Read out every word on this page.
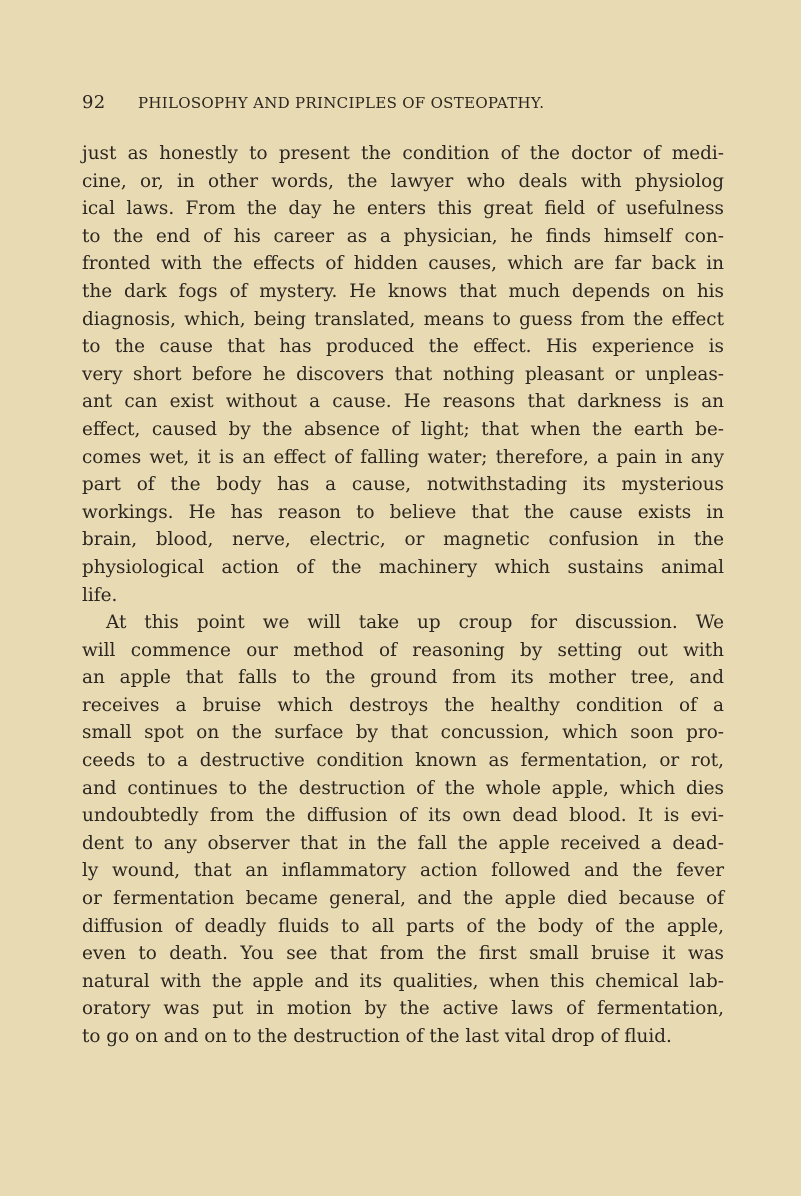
92 PHILOSOPHY AND PRINCIPLES OF OSTEOPATHY.
just as honestly to present the condition of the doctor of medi-
cine, or, in other words, the lawyer who deals with physiolog
ical laws. From the day he enters this great field of usefulness
to the end of his career as a physician, he finds himself con-
fronted with the effects of hidden causes, which are far back in
the dark fogs of mystery. He knows that much depends on his
diagnosis, which, being translated, means to guess from the effect
to the cause that has produced the effect. His experience is
very short before he discovers that nothing pleasant or unpleas-
ant can exist without a cause. He reasons that darkness is an
effect, caused by the absence of light; that when the earth be-
comes wet, it is an effect of falling water; therefore, a pain in any
part of the body has a cause, notwithstading its mysterious
workings. He has reason to believe that the cause exists in
brain, blood, nerve, electric, or magnetic confusion in the
physiological action of the machinery which sustains animal
life.
At this point we will take up croup for discussion. We
will commence our method of reasoning by setting out with
an apple that falls to the ground from its mother tree, and
receives a bruise which destroys the healthy condition of a
small spot on the surface by that concussion, which soon pro-
ceeds to a destructive condition known as fermentation, or rot,
and continues to the destruction of the whole apple, which dies
undoubtedly from the diffusion of its own dead blood. It is evi-
dent to any observer that in the fall the apple received a dead-
ly wound, that an inflammatory action followed and the fever
or fermentation became general, and the apple died because of
diffusion of deadly fluids to all parts of the body of the apple,
even to death. You see that from the first small bruise it was
natural with the apple and its qualities, when this chemical lab-
oratory was put in motion by the active laws of fermentation,
to go on and on to the destruction of the last vital drop of fluid.
